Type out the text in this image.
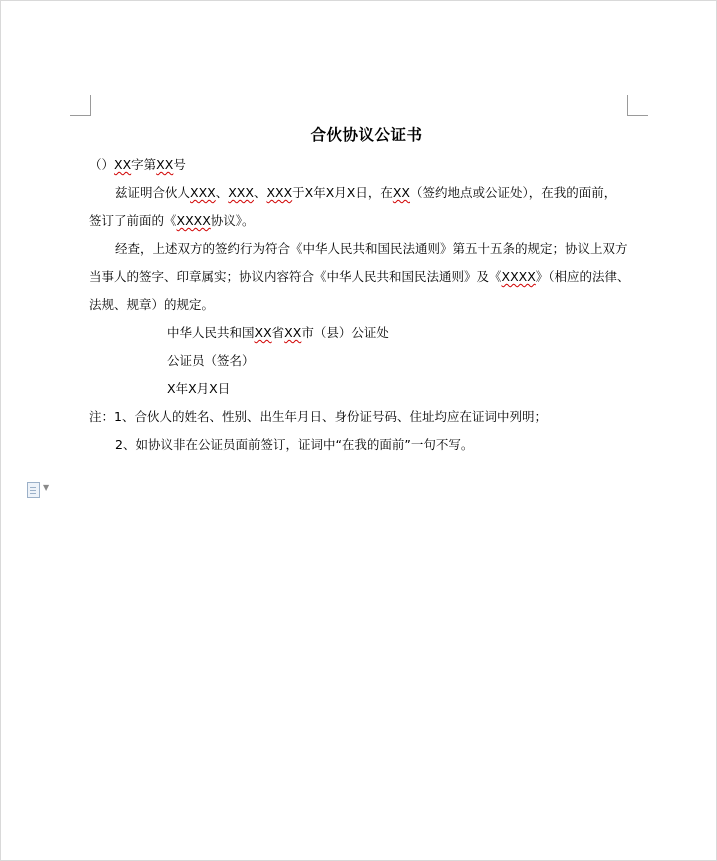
合伙协议公证书

（）XX字第XX号

兹证明合伙人XXX、XXX、XXX于X年X月X日，在XX（签约地点或公证处），在我的面前，

签订了前面的《XXXX协议》。

经查，上述双方的签约行为符合《中华人民共和国民法通则》第五十五条的规定；协议上双方

当事人的签字、印章属实；协议内容符合《中华人民共和国民法通则》及《XXXX》（相应的法律、

法规、规章）的规定。

中华人民共和国XX省XX市（县）公证处

公证员（签名）

X年X月X日

注：1、合伙人的姓名、性别、出生年月日、身份证号码、住址均应在证词中列明；

2、如协议非在公证员面前签订，证词中“在我的面前”一句不写。

▼
